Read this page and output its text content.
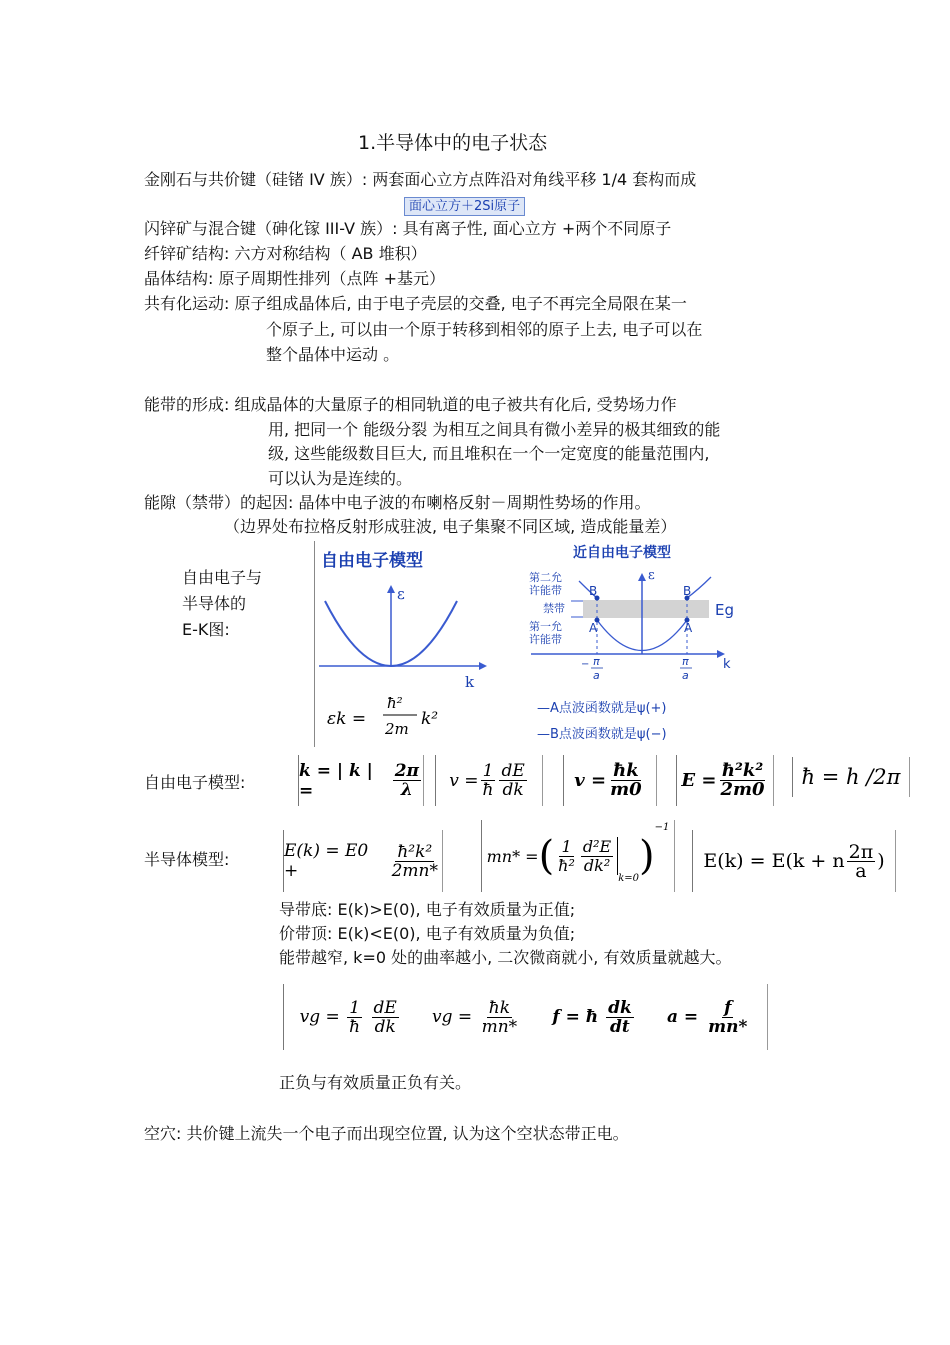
1.半导体中的电子状态
金刚石与共价键（硅锗 IV 族）: 两套面心立方点阵沿对角线平移 1/4 套构而成
面心立方＋2Si原子
闪锌矿与混合键（砷化镓 III-V 族）: 具有离子性, 面心立方 +两个不同原子
纤锌矿结构: 六方对称结构（ AB 堆积）
晶体结构: 原子周期性排列（点阵 +基元）
共有化运动: 原子组成晶体后, 由于电子壳层的交叠, 电子不再完全局限在某一
个原子上, 可以由一个原于转移到相邻的原子上去, 电子可以在
整个晶体中运动 。
能带的形成: 组成晶体的大量原子的相同轨道的电子被共有化后, 受势场力作
用, 把同一个 能级分裂 为相互之间具有微小差异的极其细致的能
级, 这些能级数目巨大, 而且堆积在一个一定宽度的能量范围内,
可以认为是连续的。
能隙（禁带）的起因: 晶体中电子波的布喇格反射－周期性势场的作用。
（边界处布拉格反射形成驻波, 电子集聚不同区域, 造成能量差）
自由电子与
半导体的
E-K图:
自由电子模型
ε
k
εk =
ħ²
2m k²
近自由电子模型
B	B
A	A
ε
Eg
k
第二允
许能带
禁带
第一允
许能带
− π
a
π
a
—A点波函数就是ψ(+)
—B点波函数就是ψ(−)
自由电子模型:
k = | k | =	$\frac{2\pi}{\lambda}$ $v = \frac{1}{ħ} \frac{dE}{dk}$	$v = \frac{ħk}{m0}$ $E = \frac{\text{ħ²k²}}{2m0}$ ħ = h /2π
半导体模型:	E(k) = E0 +	$\frac{\text{ħ²k²}}{2mn*}$	mn* = ( $\frac{1}{\text{ħ²}} \frac{\text{d²E}}{\text{dk²}}$
k=0 )
−1
E(k) = E(k + n $\frac{2\pi}{a}$ )
导带底: E(k)>E(0), 电子有效质量为正值;
价带顶: E(k)<E(0), 电子有效质量为负值;
能带越窄, k=0 处的曲率越小, 二次微商就小, 有效质量就越大。
vg = $\frac{1}{ħ}$
$\frac{dE}{dk}$ vg = $\frac{ħk}{mn*}$ f = ħ $\frac{dk}{dt}$ $a = \frac{f}{mn*}$
正负与有效质量正负有关。
空穴: 共价键上流失一个电子而出现空位置, 认为这个空状态带正电。
